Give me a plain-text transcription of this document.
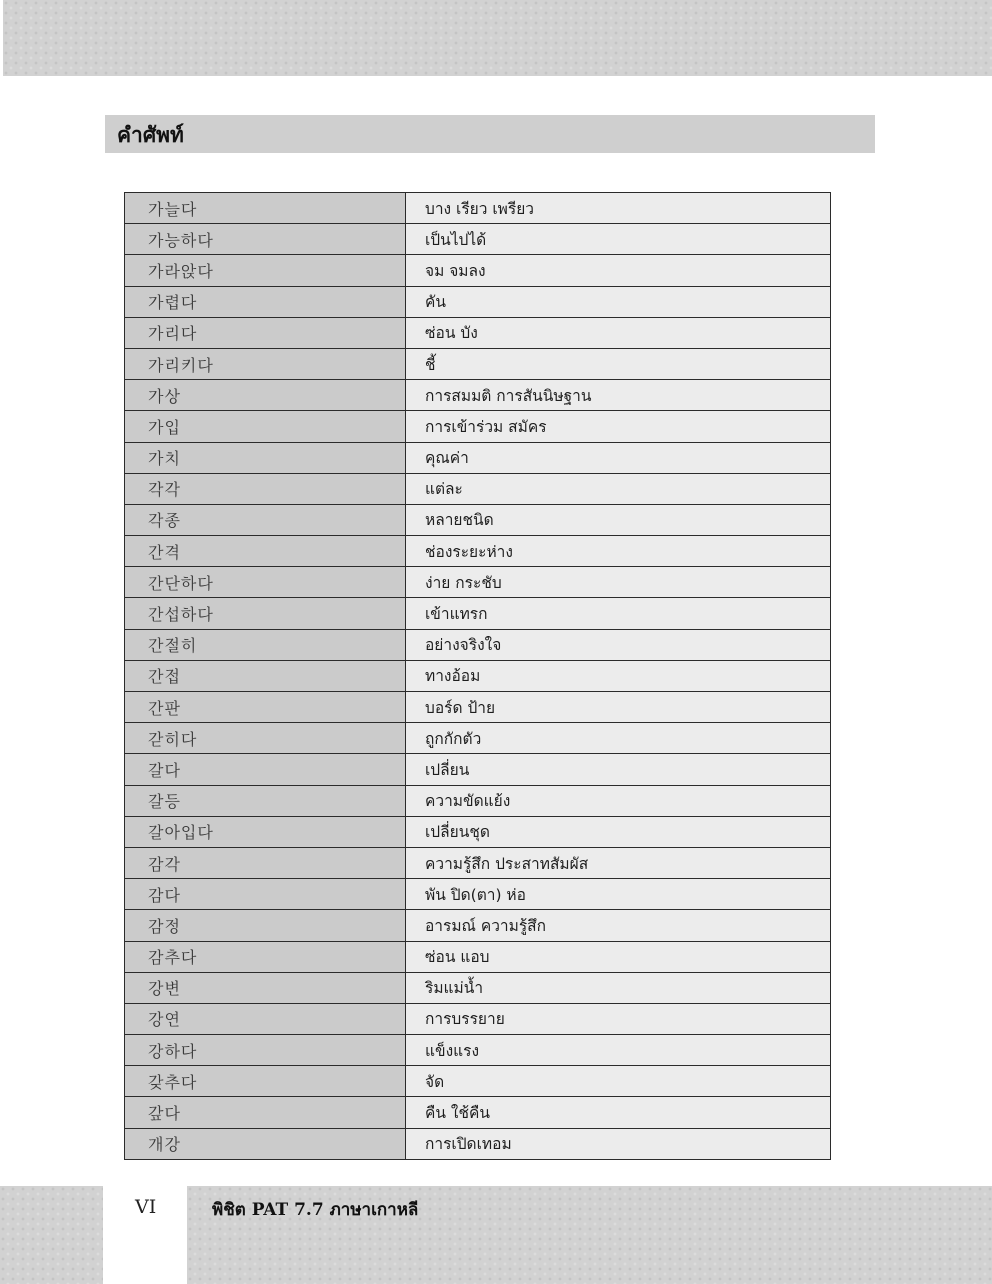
คำศัพท์
가늘다	บาง เรียว เพรียว
가능하다	เป็นไปได้
가라앉다	จม จมลง
가렵다	คัน
가리다	ซ่อน บัง
가리키다	ชี้
가상	การสมมติ การสันนิษฐาน
가입	การเข้าร่วม สมัคร
가치	คุณค่า
각각	แต่ละ
각종	หลายชนิด
간격	ช่องระยะห่าง
간단하다	ง่าย กระชับ
간섭하다	เข้าแทรก
간절히	อย่างจริงใจ
간접	ทางอ้อม
간판	บอร์ด ป้าย
갇히다	ถูกกักตัว
갈다	เปลี่ยน
갈등	ความขัดแย้ง
갈아입다	เปลี่ยนชุด
감각	ความรู้สึก ประสาทสัมผัส
감다	พัน ปิด(ตา) ห่อ
감정	อารมณ์ ความรู้สึก
감추다	ซ่อน แอบ
강변	ริมแม่น้ำ
강연	การบรรยาย
강하다	แข็งแรง
갖추다	จัด
갚다	คืน ใช้คืน
개강	การเปิดเทอม
VI	พิชิต PAT 7.7 ภาษาเกาหลี
